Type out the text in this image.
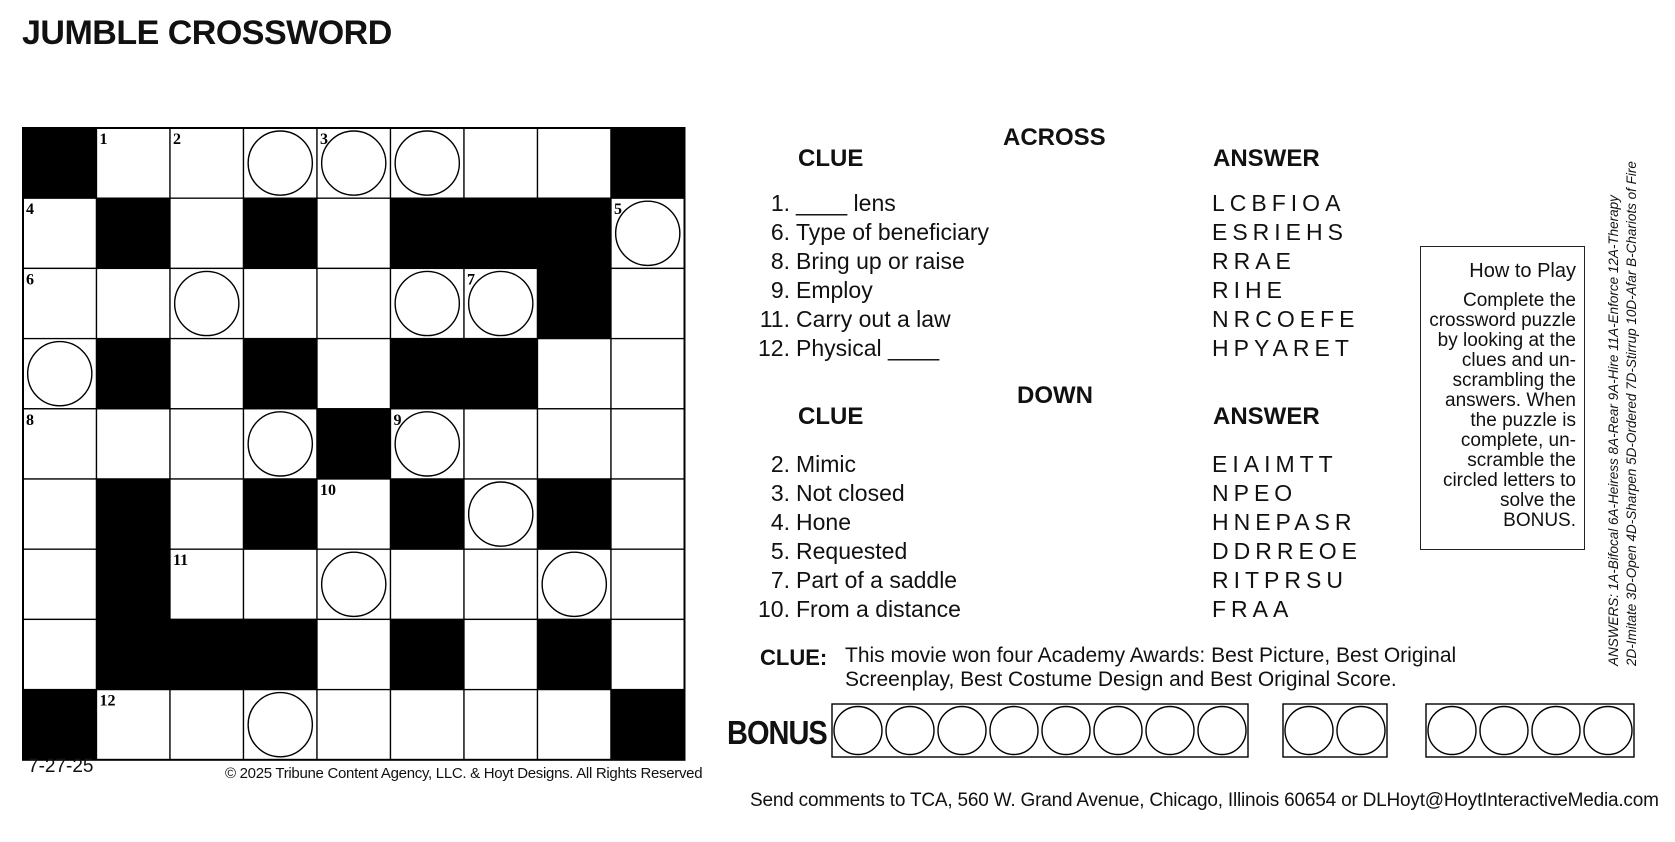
JUMBLE CROSSWORD
1	2	3
4	5
6	7
8	9
10
11
12
7-27-25	© 2025 Tribune Content Agency, LLC. & Hoyt Designs. All Rights Reserved
ACROSS
CLUE	ANSWER
1. ____ lens	LCBFIOA
6. Type of beneficiary	ESRIEHS
8. Bring up or raise	RRAE
9. Employ	RIHE
11. Carry out a law	NRCOEFE
12. Physical ____	HPYARET
DOWN
CLUE	ANSWER
2. Mimic	EIAIMTT
3. Not closed	NPEO
4. Hone	HNEPASR
5. Requested	DDRREOE
7. Part of a saddle	RITPRSU
10. From a distance	FRAA
How to Play
Complete the
crossword puzzle
by looking at the
clues and un-
scrambling the
answers. When
the puzzle is
complete, un-
scramble the
circled letters to
solve the
BONUS. ANSWERS: 1A-Bifocal 6A-Heiress 8A-Rear 9A-Hire 11A-Enforce 12A-Therapy 2D-Imitate 3D-Open 4D-Sharpen 5D-Ordered 7D-Stirrup 10D-Afar B-Chariots of Fire
CLUE: This movie won four Academy Awards: Best Picture, Best Original
Screenplay, Best Costume Design and Best Original Score.
BONUS
Send comments to TCA, 560 W. Grand Avenue, Chicago, Illinois 60654 or DLHoyt@HoytInteractiveMedia.com
